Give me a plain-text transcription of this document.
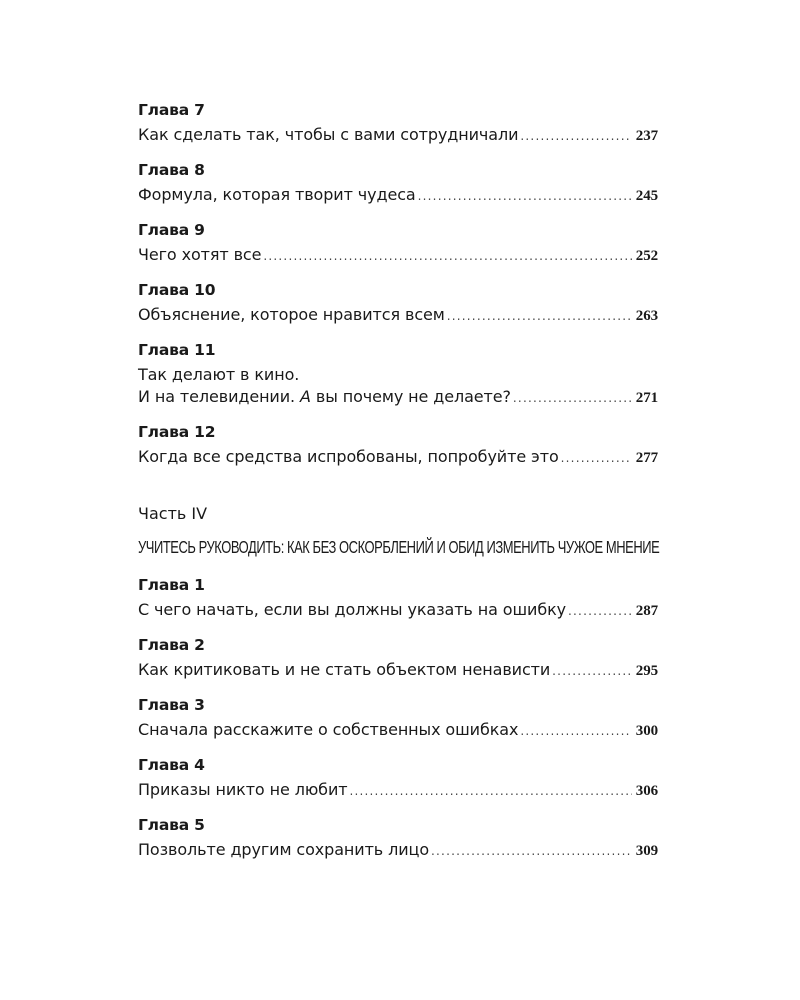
Глава 7
Как сделать так, чтобы с вами сотрудничали .....	237
Глава 8
Формула, которая творит чудеса .....	245
Глава 9
Чего хотят все .....	252
Глава 10
Объяснение, которое нравится всем .....	263
Глава 11
Так делают в кино.
И на телевидении. А вы почему не делаете? .....	271
Глава 12
Когда все средства испробованы, попробуйте это .....	277
Часть IV
УЧИТЕСЬ РУКОВОДИТЬ: КАК БЕЗ ОСКОРБЛЕНИЙ И ОБИД ИЗМЕНИТЬ ЧУЖОЕ МНЕНИЕ
Глава 1
С чего начать, если вы должны указать на ошибку .....	287
Глава 2
Как критиковать и не стать объектом ненависти .....	295
Глава 3
Сначала расскажите о собственных ошибках .....	300
Глава 4
Приказы никто не любит .....	306
Глава 5
Позвольте другим сохранить лицо .....	309
